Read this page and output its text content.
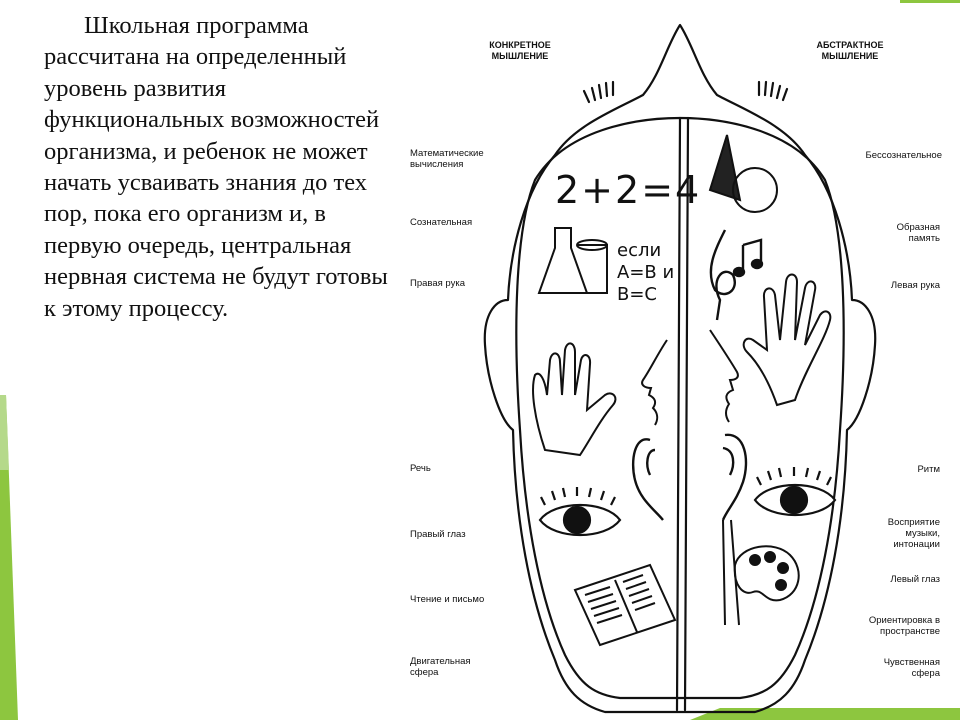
Школьная программа рассчитана на определенный уровень развития функциональных возможностей организма, и ребенок не может начать усваивать знания до тех пор, пока его организм и, в первую очередь, центральная нервная система не будут готовы к этому процессу.

2+2=4
если
A=B и
B=C
КОНКРЕТНОЕ
МЫШЛЕНИЕ
АБСТРАКТНОЕ
МЫШЛЕНИЕ
Математические
вычисления
Сознательная
Правая рука
Речь
Правый глаз
Чтение и письмо
Двигательная
сфера
Бессознательное
Образная
память
Левая рука
Ритм
Восприятие
музыки,
интонации
Левый глаз
Ориентировка в
пространстве
Чувственная
сфера
